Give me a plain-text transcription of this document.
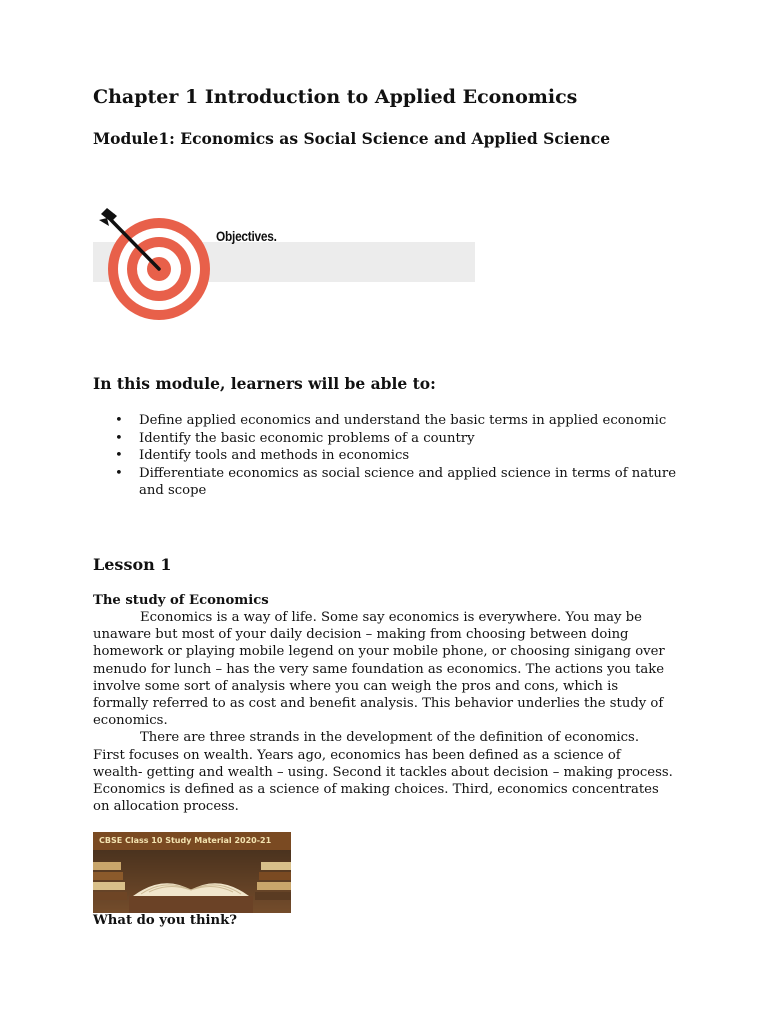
Chapter 1 Introduction to Applied Economics
Module1: Economics as Social Science and Applied Science
Objectives.
In this module, learners will be able to:
• Define applied economics and understand the basic terms in applied economic
• Identify the basic economic problems of a country
• Identify tools and methods in economics
• Differentiate economics as social science and applied science in terms of nature and scope
Lesson 1
The study of Economics

Economics is a way of life. Some say economics is everywhere. You may be unaware but most of your daily decision – making from choosing between doing homework or playing mobile legend on your mobile phone, or choosing sinigang over menudo for lunch – has the very same foundation as economics. The actions you take involve some sort of analysis where you can weigh the pros and cons, which is formally referred to as cost and benefit analysis. This behavior underlies the study of economics.

There are three strands in the development of the definition of economics. First focuses on wealth. Years ago, economics has been defined as a science of wealth- getting and wealth – using. Second it tackles about decision – making process. Economics is defined as a science of making choices. Third, economics concentrates on allocation process.

CBSE Class 10 Study Material 2020-21
What do you think?
